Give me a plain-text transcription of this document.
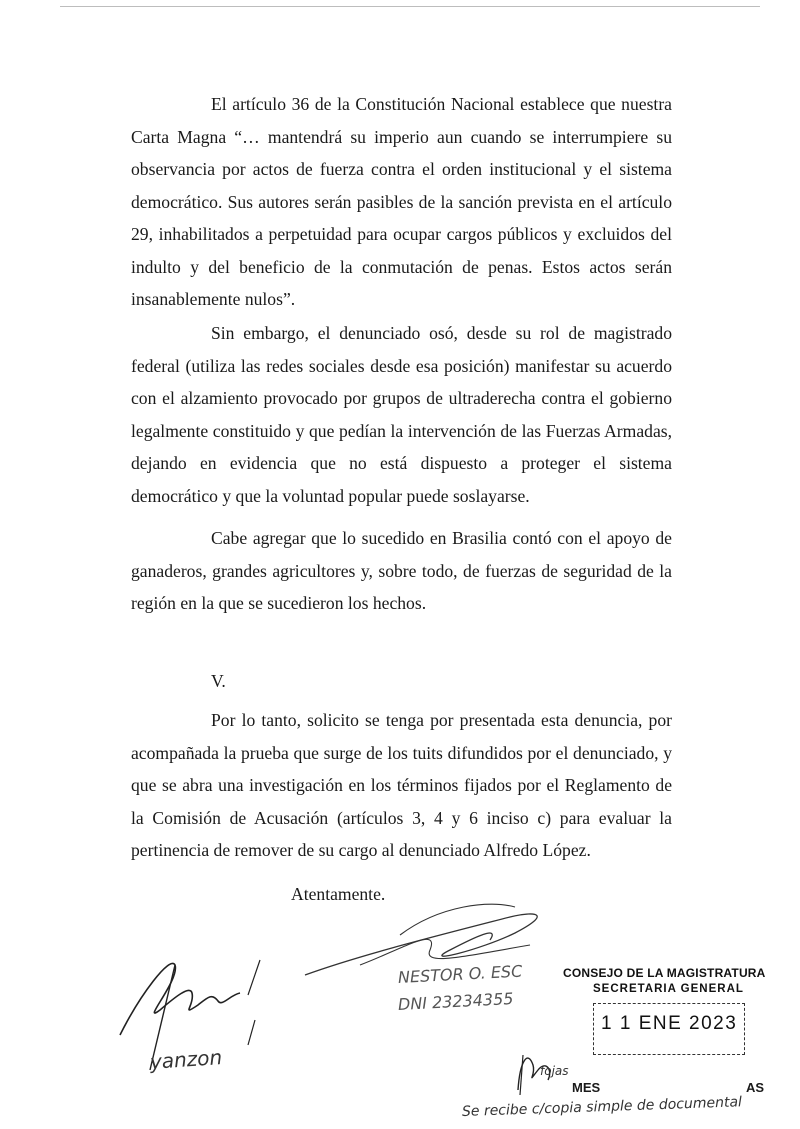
El artículo 36 de la Constitución Nacional establece que nuestra Carta Magna “… mantendrá su imperio aun cuando se interrumpiere su observancia por actos de fuerza contra el orden institucional y el sistema democrático. Sus autores serán pasibles de la sanción prevista en el artículo 29, inhabilitados a perpetuidad para ocupar cargos públicos y excluidos del indulto y del beneficio de la conmutación de penas. Estos actos serán insanablemente nulos”.

Sin embargo, el denunciado osó, desde su rol de magistrado federal (utiliza las redes sociales desde esa posición) manifestar su acuerdo con el alzamiento provocado por grupos de ultraderecha contra el gobierno legalmente constituido y que pedían la intervención de las Fuerzas Armadas, dejando en evidencia que no está dispuesto a proteger el sistema democrático y que la voluntad popular puede soslayarse.

Cabe agregar que lo sucedido en Brasilia contó con el apoyo de ganaderos, grandes agricultores y, sobre todo, de fuerzas de seguridad de la región en la que se sucedieron los hechos.

V.

Por lo tanto, solicito se tenga por presentada esta denuncia, por acompañada la prueba que surge de los tuits difundidos por el denunciado, y que se abra una investigación en los términos fijados por el Reglamento de la Comisión de Acusación (artículos 3, 4 y 6 inciso c) para evaluar la pertinencia de remover de su cargo al denunciado Alfredo López.

Atentamente.
yanzon
NESTOR O. ESC
DNI 23234355
CONSEJO DE LA MAGISTRATURA
SECRETARIA GENERAL
1 1 ENE 2023
MES	AS
fojas
Se recibe c/copia simple de documental
